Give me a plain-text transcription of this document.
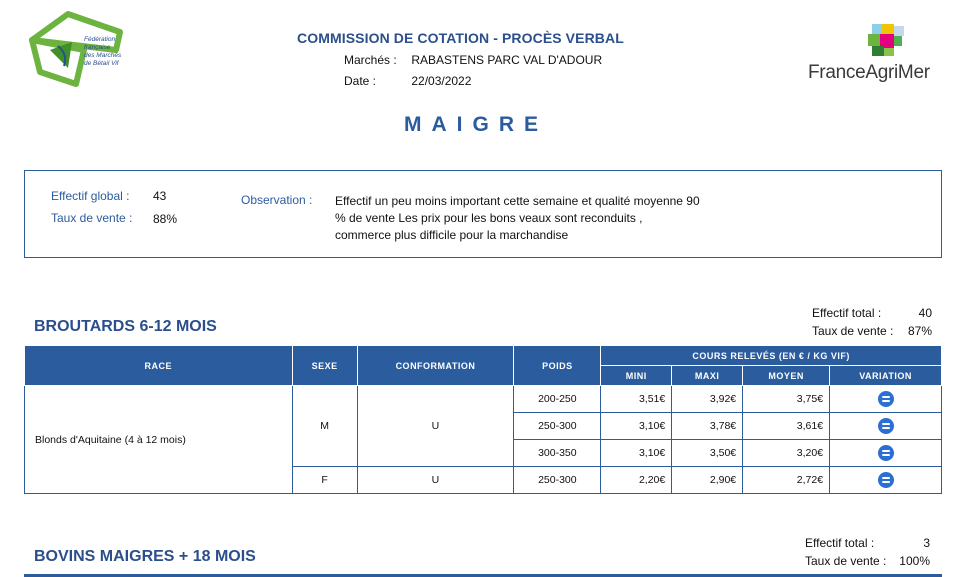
Fédération
française
des Marchés
de Bétail Vif
COMMISSION DE COTATION - PROCÈS VERBAL
Marchés : RABASTENS PARC VAL D'ADOUR
Date :	22/03/2022
MAIGRE
FranceAgriMer
Effectif global : 43
Taux de vente : 88%
Observation : Effectif un peu moins important cette semaine et qualité moyenne 90
% de vente Les prix pour les bons veaux sont reconduits ,
commerce plus difficile pour la marchandise
BROUTARDS 6-12 MOIS
Effectif total :	40
Taux de vente : 87%
RACE	SEXE	CONFORMATION	POIDS	COURS RELEVÉS (EN € / KG VIF)			
				MINI	MAXI	MOYEN	VARIATION
Blonds d'Aquitaine (4 à 12 mois)	M	U	200-250	3,51€	3,92€	3,75€	
			250-300	3,10€	3,78€	3,61€	
			300-350	3,10€	3,50€	3,20€	
	F	U	250-300	2,20€	2,90€	2,72€	
BOVINS MAIGRES + 18 MOIS
Effectif total :	3
Taux de vente : 100%
